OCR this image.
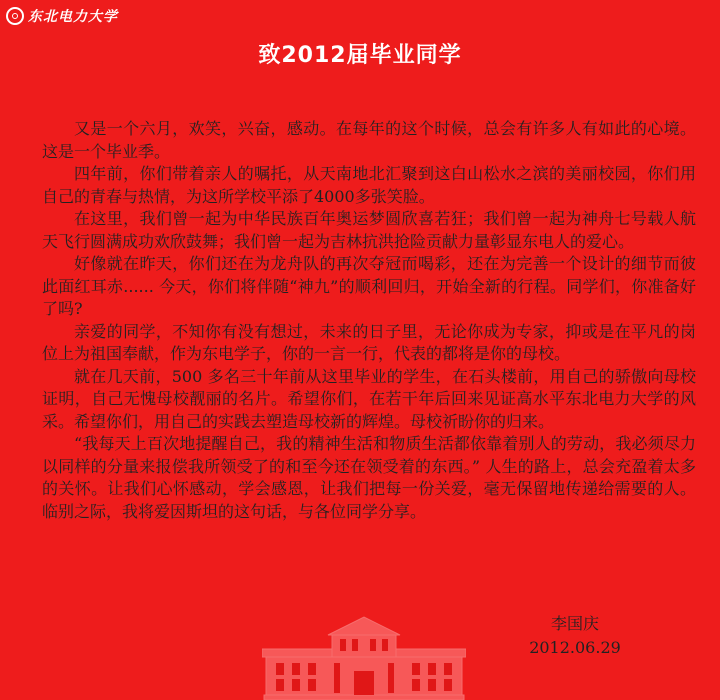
东北电力大学
致2012届毕业同学

又是一个六月，欢笑，兴奋，感动。在每年的这个时候，总会有许多人有如此的心境。这是一个毕业季。

四年前，你们带着亲人的嘱托，从天南地北汇聚到这白山松水之滨的美丽校园，你们用自己的青春与热情，为这所学校平添了4000多张笑脸。

在这里，我们曾一起为中华民族百年奥运梦圆欣喜若狂；我们曾一起为神舟七号载人航天飞行圆满成功欢欣鼓舞；我们曾一起为吉林抗洪抢险贡献力量彰显东电人的爱心。

好像就在昨天，你们还在为龙舟队的再次夺冠而喝彩，还在为完善一个设计的细节而彼此面红耳赤...... 今天，你们将伴随“神九”的顺利回归，开始全新的行程。同学们，你准备好了吗?

亲爱的同学，不知你有没有想过，未来的日子里，无论你成为专家，抑或是在平凡的岗位上为祖国奉献，作为东电学子，你的一言一行，代表的都将是你的母校。

就在几天前，500 多名三十年前从这里毕业的学生，在石头楼前，用自己的骄傲向母校证明，自己无愧母校靓丽的名片。希望你们，在若干年后回来见证高水平东北电力大学的风采。希望你们，用自己的实践去塑造母校新的辉煌。母校祈盼你的归来。

“我每天上百次地提醒自己，我的精神生活和物质生活都依靠着别人的劳动，我必须尽力以同样的分量来报偿我所领受了的和至今还在领受着的东西。” 人生的路上，总会充盈着太多的关怀。让我们心怀感动，学会感恩，让我们把每一份关爱，毫无保留地传递给需要的人。临别之际，我将爱因斯坦的这句话，与各位同学分享。

李国庆
2012.06.29
